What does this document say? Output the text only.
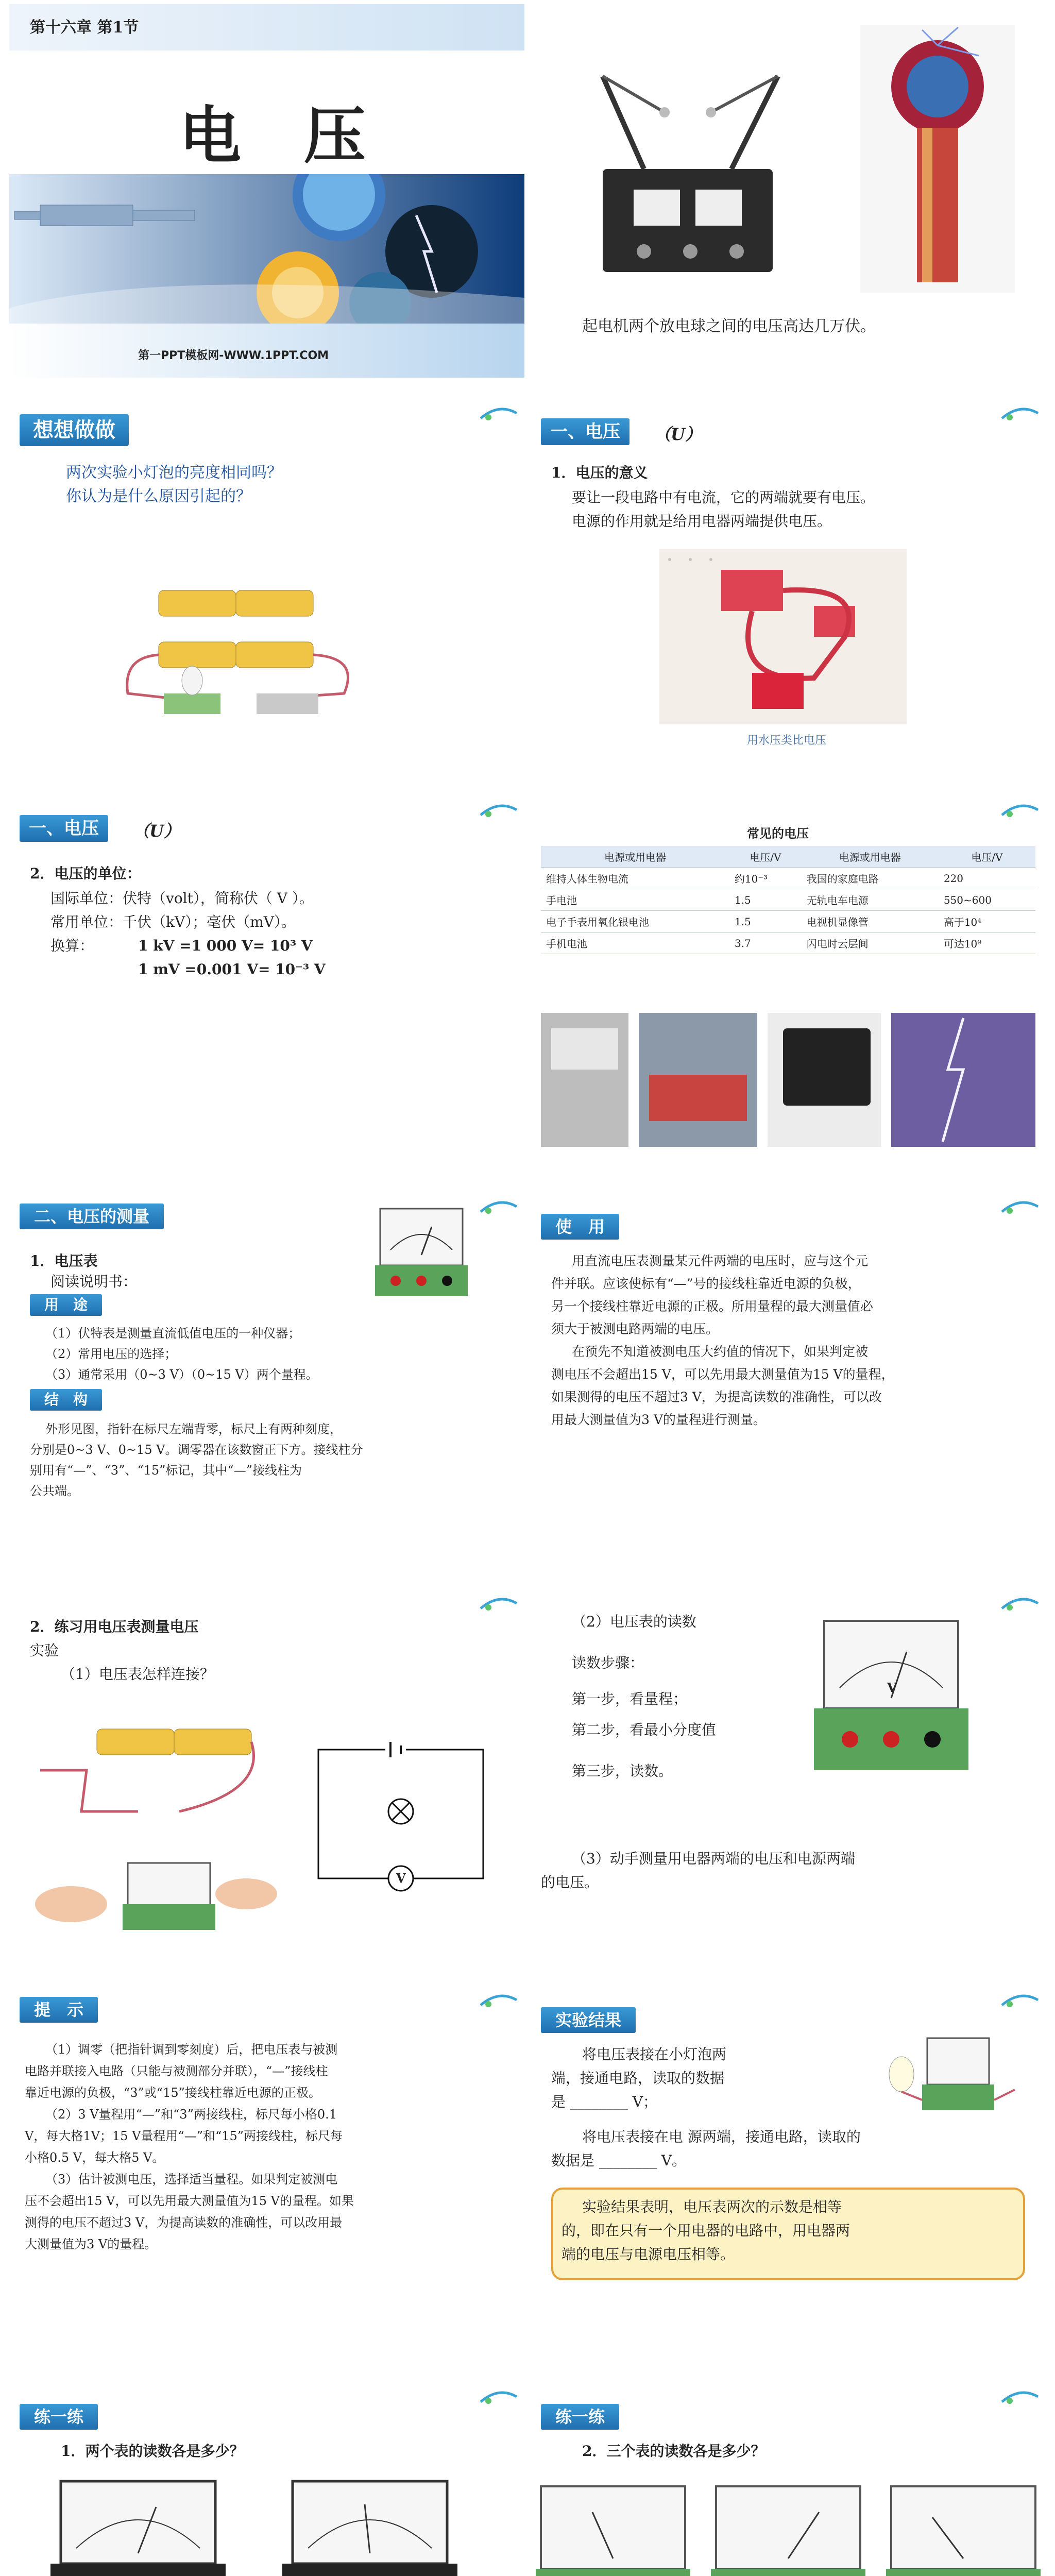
第十六章 第1节
电 压
第一PPT模板网-WWW.1PPT.COM
起电机两个放电球之间的电压高达几万伏。
想想做做
两次实验小灯泡的亮度相同吗？
你认为是什么原因引起的？
一、电压	（U）
1．电压的意义
要让一段电路中有电流，它的两端就要有电压。
电源的作用就是给用电器两端提供电压。
用水压类比电压
一、电压	（U）
2．电压的单位：
国际单位：伏特（volt），简称伏（ V ）。
常用单位：千伏（kV）；毫伏（mV）。
换算：	1 kV =1 000 V= 10³ V
1 mV =0.001 V= 10⁻³ V
常见的电压
电源或用电器	电压/V	电源或用电器	电压/V
维持人体生物电流	约10⁻³	我国的家庭电路	220
手电池	1.5	无轨电车电源	550~600
电子手表用氧化银电池	1.5	电视机显像管	高于10⁴
手机电池	3.7	闪电时云层间	可达10⁹
二、电压的测量
1．电压表
阅读说明书：
用　途
（1）伏特表是测量直流低值电压的一种仪器；
（2）常用电压的选择；
（3）通常采用（0~3 V）（0~15 V）两个量程。
结　构
外形见图，指针在标尺左端背零，标尺上有两种刻度，
分别是0~3 V、0~15 V。调零器在该数窗正下方。接线柱分
别用有“—”、“3”、“15”标记，其中“—”接线柱为
公共端。
使　用
用直流电压表测量某元件两端的电压时，应与这个元
件并联。应该使标有“—”号的接线柱靠近电源的负极，
另一个接线柱靠近电源的正极。所用量程的最大测量值必
须大于被测电路两端的电压。
在预先不知道被测电压大约值的情况下，如果判定被
测电压不会超出15 V，可以先用最大测量值为15 V的量程，
如果测得的电压不超过3 V，为提高读数的准确性，可以改
用最大测量值为3 V的量程进行测量。
2．练习用电压表测量电压
实验
（1）电压表怎样连接？
V
（2）电压表的读数
读数步骤：
第一步，看量程；
第二步，看最小分度值
第三步，读数。
V
（3）动手测量用电器两端的电压和电源两端
的电压。
提　示
（1）调零（把指针调到零刻度）后，把电压表与被测
电路并联接入电路（只能与被测部分并联），“—”接线柱
靠近电源的负极，“3”或“15”接线柱靠近电源的正极。
（2）3 V量程用“—”和“3”两接线柱，标尺每小格0.1
V，每大格1V；15 V量程用“—”和“15”两接线柱，标尺每
小格0.5 V，每大格5 V。
（3）估计被测电压，选择适当量程。如果判定被测电
压不会超出15 V，可以先用最大测量值为15 V的量程。如果
测得的电压不超过3 V，为提高读数的准确性，可以改用最
大测量值为3 V的量程。
实验结果
将电压表接在小灯泡两
端，接通电路，读取的数据
是 ________ V；
将电压表接在电 源两端，接通电路，读取的
数据是 ________ V。
实验结果表明，电压表两次的示数是相等
的，即在只有一个用电器的电路中，用电器两
端的电压与电源电压相等。
练一练
1．两个表的读数各是多少？
练一练
2．三个表的读数各是多少？
